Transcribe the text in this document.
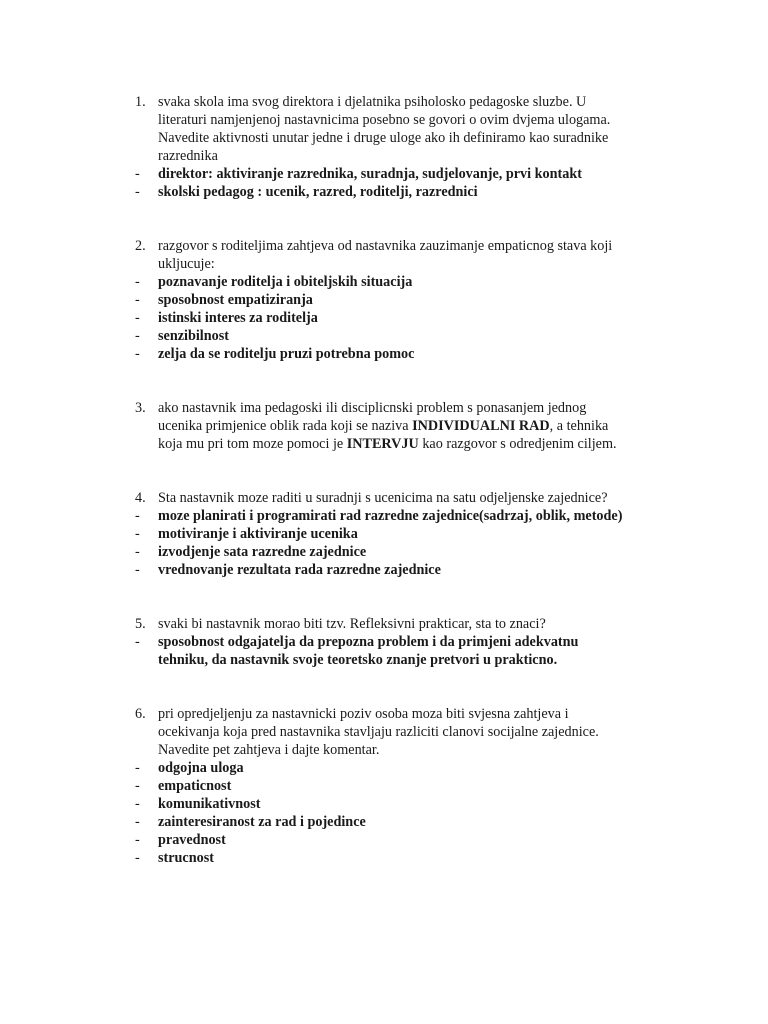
1. svaka skola ima svog direktora i djelatnika psiholosko pedagoske sluzbe. U
literaturi namjenjenoj nastavnicima posebno se govori o ovim dvjema ulogama.
Navedite aktivnosti unutar jedne i druge uloge ako ih definiramo kao suradnike
razrednika
- direktor: aktiviranje razrednika, suradnja, sudjelovanje, prvi kontakt
- skolski pedagog : ucenik, razred, roditelji, razrednici
2. razgovor s roditeljima zahtjeva od nastavnika zauzimanje empaticnog stava koji
ukljucuje:
- poznavanje roditelja i obiteljskih situacija
- sposobnost empatiziranja
- istinski interes za roditelja
- senzibilnost
- zelja da se roditelju pruzi potrebna pomoc
3. ako nastavnik ima pedagoski ili disciplicnski problem s ponasanjem jednog
ucenika primjenice oblik rada koji se naziva INDIVIDUALNI RAD, a tehnika
koja mu pri tom moze pomoci je INTERVJU kao razgovor s odredjenim ciljem.
4. Sta nastavnik moze raditi u suradnji s ucenicima na satu odjeljenske zajednice?
- moze planirati i programirati rad razredne zajednice(sadrzaj, oblik, metode)
- motiviranje i aktiviranje ucenika
- izvodjenje sata razredne zajednice
- vrednovanje rezultata rada razredne zajednice
5. svaki bi nastavnik morao biti tzv. Refleksivni prakticar, sta to znaci?
- sposobnost odgajatelja da prepozna problem i da primjeni adekvatnu
tehniku, da nastavnik svoje teoretsko znanje pretvori u prakticno.
6. pri opredjeljenju za nastavnicki poziv osoba moza biti svjesna zahtjeva i
ocekivanja koja pred nastavnika stavljaju razliciti clanovi socijalne zajednice.
Navedite pet zahtjeva i dajte komentar.
- odgojna uloga
- empaticnost
- komunikativnost
- zainteresiranost za rad i pojedince
- pravednost
- strucnost
